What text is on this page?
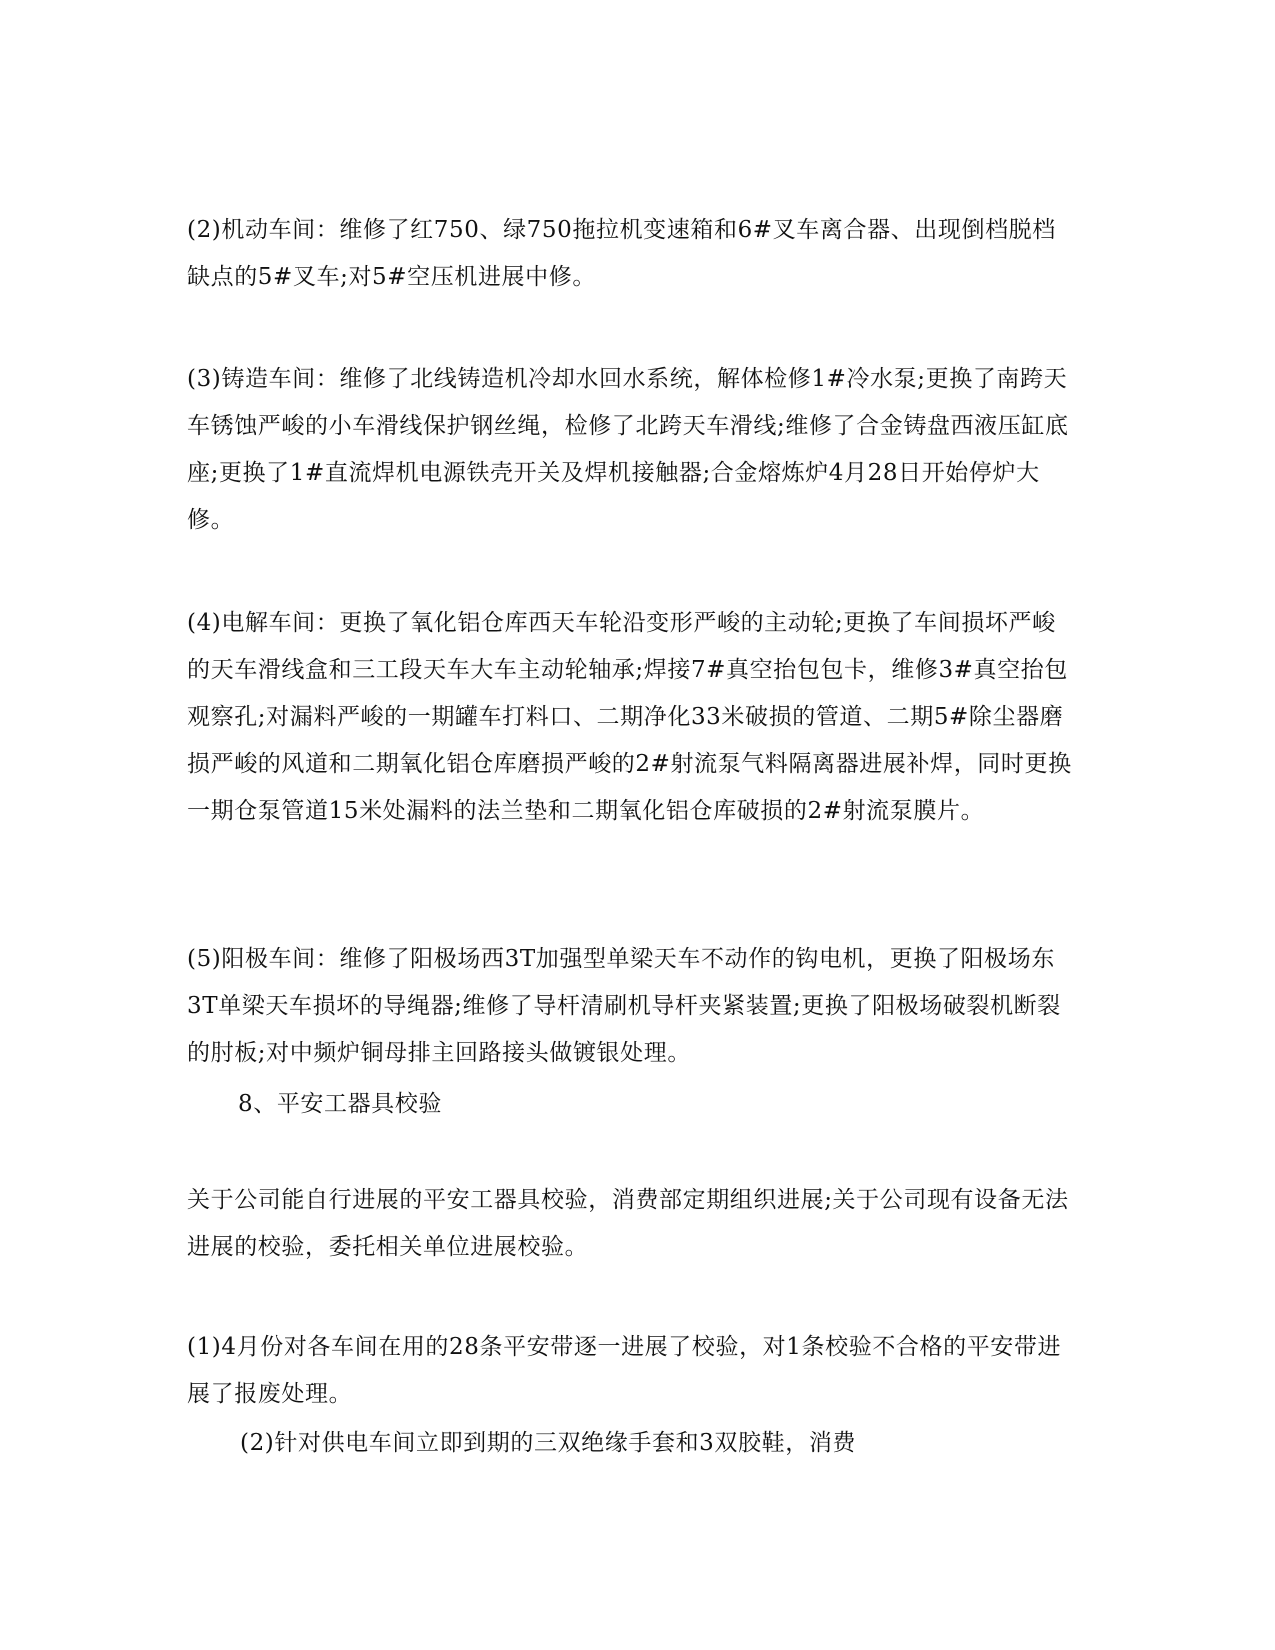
(2)机动车间：维修了红750、绿750拖拉机变速箱和6#叉车离合器、出现倒档脱档缺点的5#叉车;对5#空压机进展中修。

(3)铸造车间：维修了北线铸造机冷却水回水系统，解体检修1#冷水泵;更换了南跨天车锈蚀严峻的小车滑线保护钢丝绳，检修了北跨天车滑线;维修了合金铸盘西液压缸底座;更换了1#直流焊机电源铁壳开关及焊机接触器;合金熔炼炉4月28日开始停炉大修。

(4)电解车间：更换了氧化铝仓库西天车轮沿变形严峻的主动轮;更换了车间损坏严峻的天车滑线盒和三工段天车大车主动轮轴承;焊接7#真空抬包包卡，维修3#真空抬包观察孔;对漏料严峻的一期罐车打料口、二期净化33米破损的管道、二期5#除尘器磨损严峻的风道和二期氧化铝仓库磨损严峻的2#射流泵气料隔离器进展补焊，同时更换一期仓泵管道15米处漏料的法兰垫和二期氧化铝仓库破损的2#射流泵膜片。

(5)阳极车间：维修了阳极场西3T加强型单梁天车不动作的钩电机，更换了阳极场东3T单梁天车损坏的导绳器;维修了导杆清刷机导杆夹紧装置;更换了阳极场破裂机断裂的肘板;对中频炉铜母排主回路接头做镀银处理。

8、平安工器具校验

关于公司能自行进展的平安工器具校验，消费部定期组织进展;关于公司现有设备无法进展的校验，委托相关单位进展校验。

(1)4月份对各车间在用的28条平安带逐一进展了校验，对1条校验不合格的平安带进展了报废处理。

(2)针对供电车间立即到期的三双绝缘手套和3双胶鞋，消费
